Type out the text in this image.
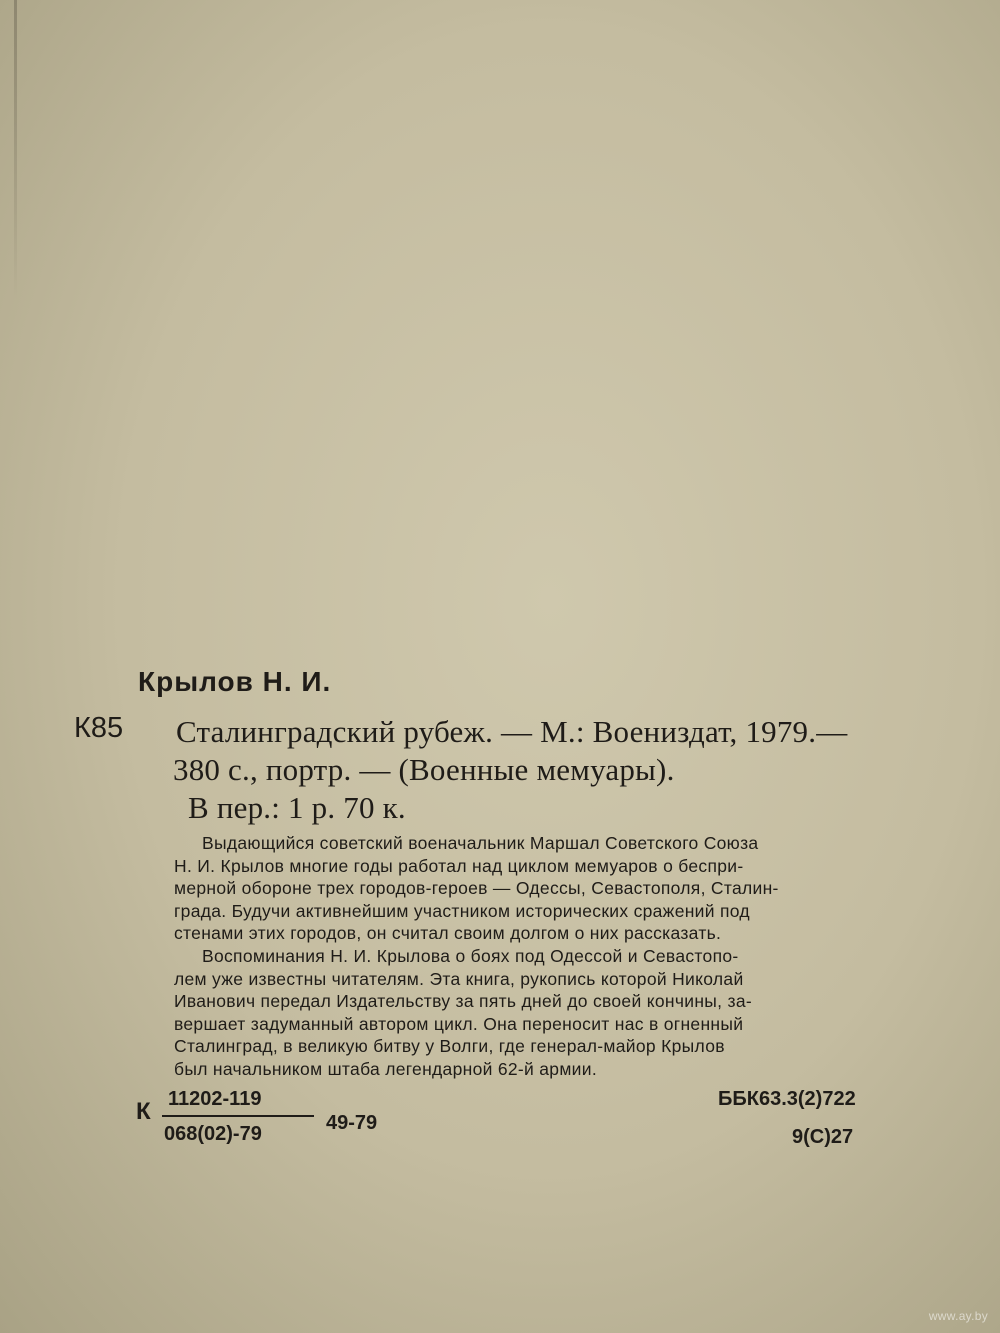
Крылов Н. И.
К85 Сталинградский рубеж. — М.: Воениздат, 1979.—
380 с., портр. — (Военные мемуары).
В пер.: 1 р. 70 к.

Выдающийся советский военачальник Маршал Советского Союза
Н. И. Крылов многие годы работал над циклом мемуаров о беспри-
мерной обороне трех городов-героев — Одессы, Севастополя, Сталин-
града. Будучи активнейшим участником исторических сражений под
стенами этих городов, он считал своим долгом о них рассказать.

Воспоминания Н. И. Крылова о боях под Одессой и Севастопо-
лем уже известны читателям. Эта книга, рукопись которой Николай
Иванович передал Издательству за пять дней до своей кончины, за-
вершает задуманный автором цикл. Она переносит нас в огненный
Сталинград, в великую битву у Волги, где генерал-майор Крылов
был начальником штаба легендарной 62-й армии.

К $\frac{11202-119}{068(02)-79} 49-79$
ББК63.3(2)722
9(С)27
www.ay.by
